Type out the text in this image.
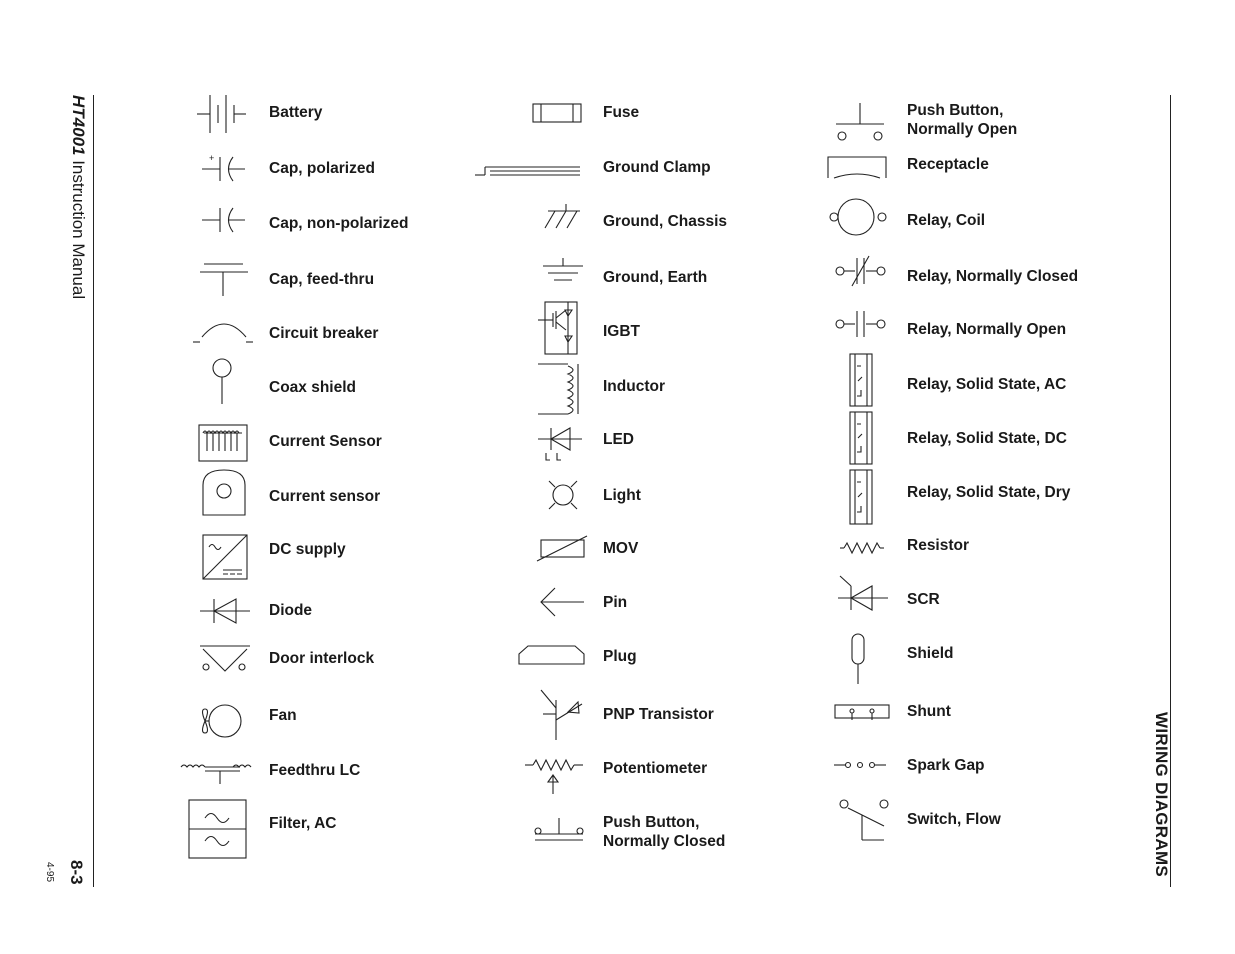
HT4001 Instruction Manual
8-3
4-95	WIRING DIAGRAMS
+
Battery
Cap, polarized
Cap, non-polarized
Cap, feed-thru
Circuit breaker
Coax shield
Current Sensor
Current sensor
DC supply
Diode
Door interlock
Fan
Feedthru LC
Filter, AC
Fuse
Ground Clamp
Ground, Chassis
Ground, Earth
IGBT
Inductor
LED
Light
MOV
Pin
Plug
PNP Transistor
Potentiometer
Push Button,
Normally Closed
Push Button,
Normally Open
Receptacle
Relay, Coil
Relay, Normally Closed
Relay, Normally Open
Relay, Solid State, AC
Relay, Solid State, DC
Relay, Solid State, Dry
Resistor
SCR
Shield
Shunt
Spark Gap
Switch, Flow
